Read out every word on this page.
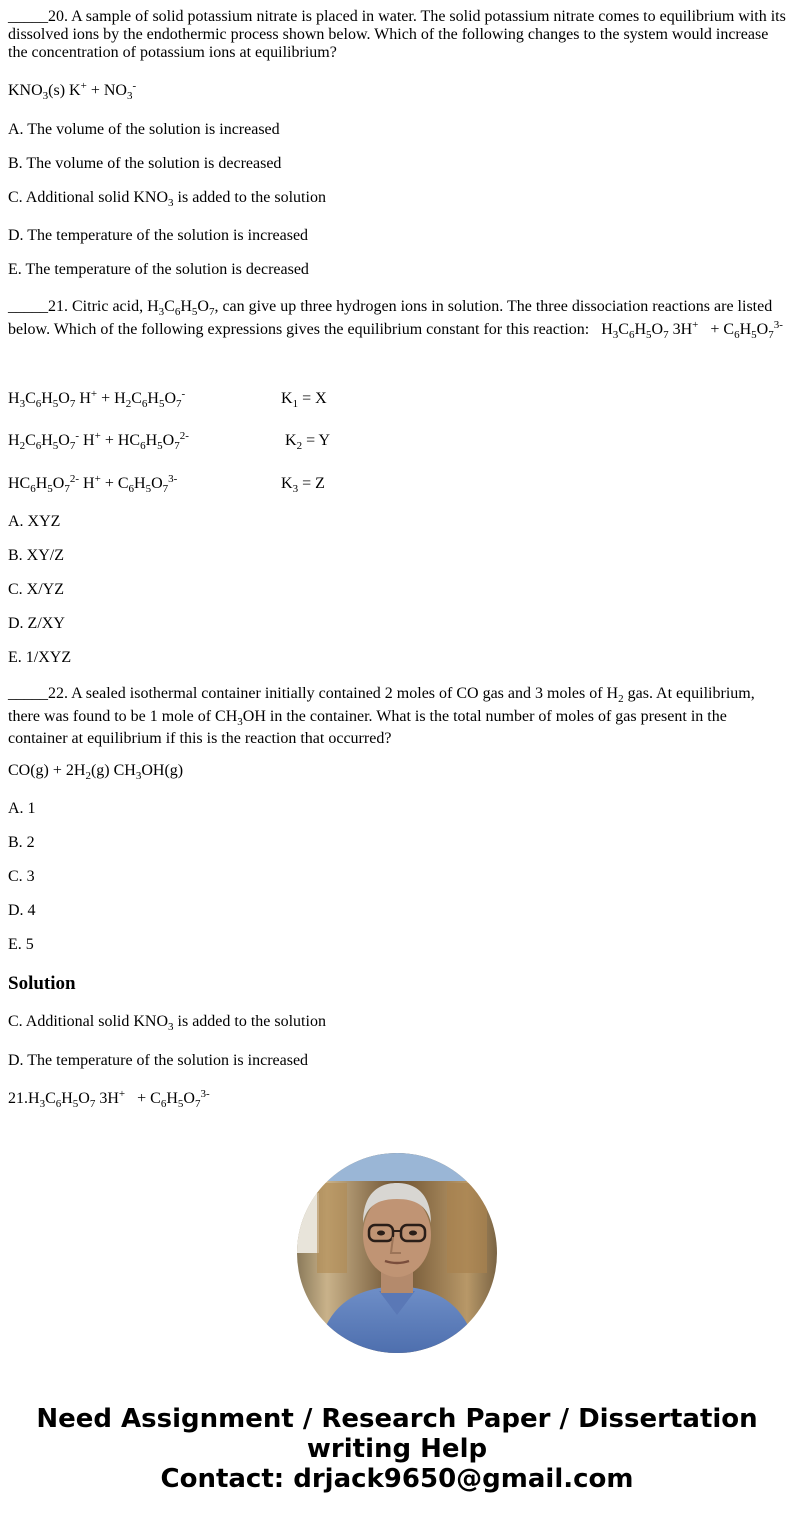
_____20. A sample of solid potassium nitrate is placed in water. The solid potassium nitrate comes to equilibrium with its dissolved ions by the endothermic process shown below. Which of the following changes to the system would increase the concentration of potassium ions at equilibrium?
$KNO_3(s) K^+ + NO_3^-$
A. The volume of the solution is increased
B. The volume of the solution is decreased
C. Additional solid $KNO_3$ is added to the solution
D. The temperature of the solution is increased
E. The temperature of the solution is decreased
_____21. Citric acid, $H_3C_6H_5O_7$, can give up three hydrogen ions in solution. The three dissociation reactions are listed below. Which of the following expressions gives the equilibrium constant for this reaction:   $H_3C_6H_5O_7$ $3H^+ + C_6H_5O_7^{3-}$
$H_3C_6H_5O_7$ $H^+ + H_2C_6H_5O_7^-$	$K_1 = X$
$H_2C_6H_5O_7^-$ $H^+ + HC_6H_5O_7^{2-}$	$K_2 = Y$
$HC_6H_5O_7^{2-}$ $H^+ + C_6H_5O_7^{3-}$	$K_3 = Z$
A. XYZ
B. XY/Z
C. X/YZ
D. Z/XY
E. 1/XYZ
_____22. A sealed isothermal container initially contained 2 moles of CO gas and 3 moles of $H_2$ gas. At equilibrium, there was found to be 1 mole of $CH_3OH$ in the container. What is the total number of moles of gas present in the container at equilibrium if this is the reaction that occurred?
$CO(g) + 2H_2(g)$ $CH_3OH(g)$
A. 1
B. 2
C. 3
D. 4
E. 5
Solution
C. Additional solid $KNO_3$ is added to the solution
D. The temperature of the solution is increased
$21.H_3C_6H_5O_7$ $3H^+ + C_6H_5O_7^{3-}$
Need Assignment / Research Paper / Dissertation
writing Help
Contact: drjack9650@gmail.com
